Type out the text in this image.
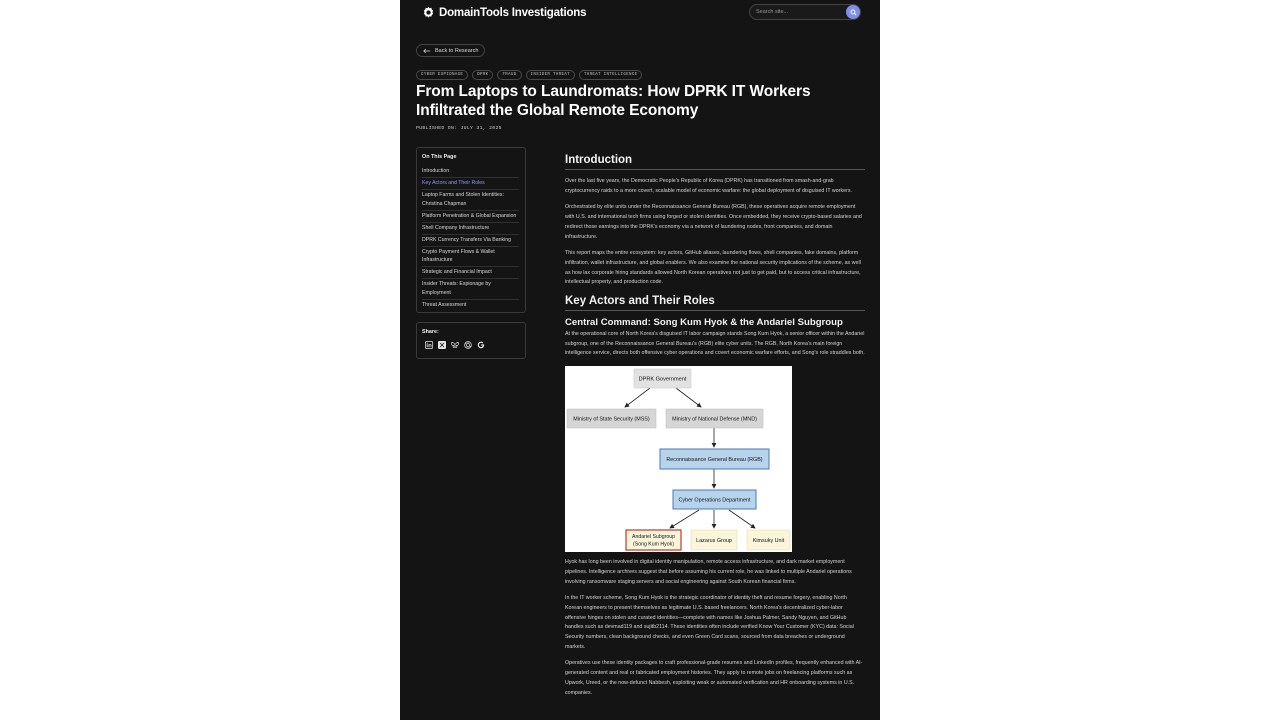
DomainTools Investigations
Search site...
Back to Research
CYBER ESPIONAGE	DPRK	FRAUD	INSIDER THREAT	THREAT INTELLIGENCE
From Laptops to Laundromats: How DPRK IT Workers Infiltrated the Global Remote Economy
PUBLISHED ON: JULY 31, 2025
On This Page
Introduction
Key Actors and Their Roles
Laptop Farms and Stolen Identities: Christina Chapman
Platform Penetration & Global Expansion
Shell Company Infrastructure
DPRK Currency Transfers Via Banking
Crypto Payment Flows & Wallet Infrastructure
Strategic and Financial Impact
Insider Threats: Espionage by Employment
Threat Assessment
Share:
Introduction

Over the last five years, the Democratic People's Republic of Korea (DPRK) has transitioned from smash-and-grab cryptocurrency raids to a more covert, scalable model of economic warfare: the global deployment of disguised IT workers.

Orchestrated by elite units under the Reconnaissance General Bureau (RGB), these operatives acquire remote employment with U.S. and international tech firms using forged or stolen identities. Once embedded, they receive crypto-based salaries and redirect those earnings into the DPRK's economy via a network of laundering nodes, front companies, and domain infrastructure.

This report maps the entire ecosystem: key actors, GitHub aliases, laundering flows, shell companies, fake domains, platform infiltration, wallet infrastructure, and global enablers. We also examine the national security implications of the scheme, as well as how lax corporate hiring standards allowed North Korean operatives not just to get paid, but to access critical infrastructure, intellectual property, and production code.

Key Actors and Their Roles
Central Command: Song Kum Hyok & the Andariel Subgroup

At the operational core of North Korea's disguised IT labor campaign stands Song Kum Hyok, a senior officer within the Andariel subgroup, one of the Reconnaissance General Bureau's (RGB) elite cyber units. The RGB, North Korea's main foreign intelligence service, directs both offensive cyber operations and covert economic warfare efforts, and Song's role straddles both.

DPRK Government
Ministry of State Security (MSS)	Ministry of National Defense (MND)
Reconnaissance General Bureau (RGB)
Cyber Operations Department
Andariel Subgroup
(Song Kum Hyok)
Lazarus Group	Kimsuky Unit

Hyok has long been involved in digital identity manipulation, remote access infrastructure, and dark market employment pipelines. Intelligence archives suggest that before assuming his current role, he was linked to multiple Andariel operations involving ransomware staging servers and social engineering against South Korean financial firms.

In the IT worker scheme, Song Kum Hyok is the strategic coordinator of identity theft and resume forgery, enabling North Korean engineers to present themselves as legitimate U.S. based freelancers. North Korea's decentralized cyber-labor offensive hinges on stolen and curated identities—complete with names like Joshua Palmer, Sandy Nguyen, and GitHub handles such as devmad119 and sujitb2114. These identities often include verified Know Your Customer (KYC) data: Social Security numbers, clean background checks, and even Green Card scans, sourced from data breaches or underground markets.

Operatives use these identity packages to craft professional-grade resumes and LinkedIn profiles, frequently enhanced with AI-generated content and real or fabricated employment histories. They apply to remote jobs on freelancing platforms such as Upwork, Ureed, or the now-defunct Nabbesh, exploiting weak or automated verification and HR onboarding systems in U.S. companies.
